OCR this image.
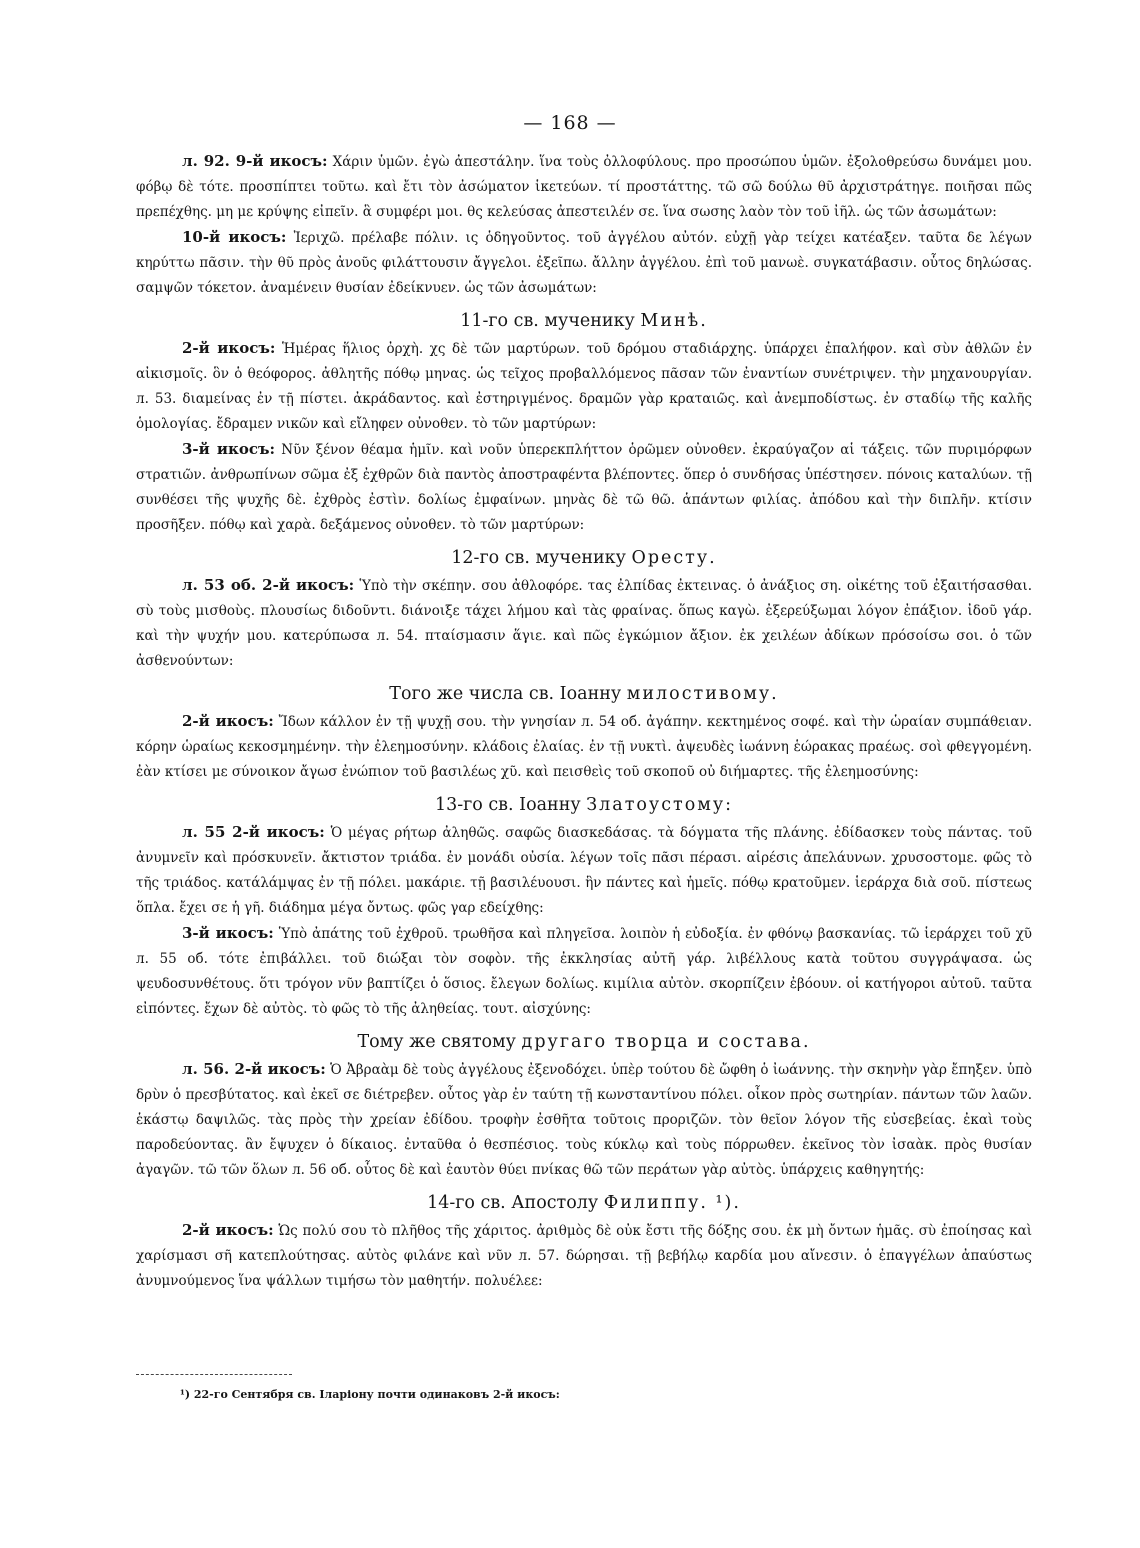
— 168 —

л. 92. 9-й икосъ: Χάριν ὑμῶν. ἐγὼ ἀπεστάλην. ἵνα τοὺς ὀλλοφύλους. προ προσώπου ὑμῶν. ἐξολοθρεύσω δυνάμει μου. φόβῳ δὲ τότε. προσπίπτει τοῦτω. καὶ ἔτι τὸν ἀσώματον ἱκετεύων. τί προστάττης. τῶ σῶ δούλω θῦ ἀρχιστράτηγε. ποιῆσαι πῶς πρεπέχθης. μη με κρύψης εἰπεῖν. ἃ συμφέρι μοι. θς κελεύσας ἀπεστειλέν σε. ἵνα σωσης λαὸν τὸν τοῦ ἰῆλ. ὡς τῶν ἀσωμάτων:

10-й икосъ: Ἰεριχῶ. πρέλαβε πόλιν. ις ὁδηγοῦντος. τοῦ ἀγγέλου αὐτόν. εὐχῇ γὰρ τείχει κατέαξεν. ταῦτα δε λέγων κηρύττω πᾶσιν. τὴν θῦ πρὸς ἀνοῦς φιλάττουσιν ἄγγελοι. ἐξεῖπω. ἄλλην ἀγγέλου. ἐπὶ τοῦ μανωὲ. συγκατάβασιν. οὗτος δηλώσας. σαμψῶν τόκετον. ἀναμένειν θυσίαν ἐδείκνυεν. ὡς τῶν ἀσωμάτων:

11-го св. мученику Минѣ.

2-й икосъ: Ἡμέρας ἥλιος ὀρχὴ. χς δὲ τῶν μαρτύρων. τοῦ δρόμου σταδιάρχης. ὑπάρχει ἐπαλήφον. καὶ σὺν ἀθλῶν ἐν αἰκισμοῖς. ὃν ὁ θεόφορος. ἀθλητῆς πόθῳ μηνας. ὡς τεῖχος προβαλλόμενος πᾶσαν τῶν ἐναντίων συνέτριψεν. τὴν μηχανουργίαν. л. 53. διαμείνας ἐν τῇ πίστει. ἀκράδαντος. καὶ ἐστηριγμένος. δραμῶν γὰρ κραταιῶς. καὶ ἀνεμποδίστως. ἐν σταδίῳ τῆς καλῆς ὁμολογίας. ἔδραμεν νικῶν καὶ εἴληφεν οὐνοθεν. τὸ τῶν μαρτύρων:

3-й икосъ: Νῦν ξένον θέαμα ἡμῖν. καὶ νοῦν ὑπερεκπλήττον ὁρῶμεν οὐνοθεν. ἐκραύγαζον αἱ τάξεις. τῶν πυριμόρφων στρατιῶν. ἀνθρωπίνων σῶμα ἐξ ἐχθρῶν διὰ παντὸς ἀποστραφέντα βλέποντες. ὅπερ ὁ συνδήσας ὑπέστησεν. πόνοις καταλύων. τῇ συνθέσει τῆς ψυχῆς δὲ. ἐχθρὸς ἐστὶν. δολίως ἐμφαίνων. μηνὰς δὲ τῶ θῶ. ἁπάντων φιλίας. ἀπόδου καὶ τὴν διπλῆν. κτίσιν προσῆξεν. πόθῳ καὶ χαρὰ. δεξάμενος οὐνοθεν. τὸ τῶν μαρτύρων:

12-го св. мученику Оресту.

л. 53 об. 2-й икосъ: Ὑπὸ τὴν σκέπην. σου ἀθλοφόρε. τας ἐλπίδας ἐκτεινας. ὁ ἀνάξιος ση. οἰκέτης τοῦ ἐξαιτήσασθαι. σὺ τοὺς μισθοὺς. πλουσίως διδοῦντι. διάνοιξε τάχει λήμου καὶ τὰς φραίνας. ὅπως καγὼ. ἐξερεύξωμαι λόγον ἐπάξιον. ἰδοῦ γάρ. καὶ τὴν ψυχήν μου. κατερύπωσα л. 54. πταίσμασιν ἅγιε. καὶ πῶς ἐγκώμιον ἄξιον. ἐκ χειλέων ἀδίκων πρόσοίσω σοι. ὁ τῶν ἀσθενούντων:

Того же числа св. Іоанну милостивому.

2-й икосъ: Ἴδων κάλλον ἐν τῇ ψυχῇ σου. τὴν γνησίαν л. 54 об. ἀγάπην. κεκτημένος σοφέ. καὶ τὴν ὡραίαν συμπάθειαν. κόρην ὡραίως κεκοσμημένην. τὴν ἐλεημοσύνην. κλάδοις ἐλαίας. ἐν τῇ νυκτὶ. ἀψευδὲς ἰωάννη ἑώρακας πραέως. σοὶ φθεγγομένη. ἐὰν κτίσει με σύνοικον ἄγωσ ἐνώπιον τοῦ βασιλέως χῦ. καὶ πεισθεὶς τοῦ σκοποῦ οὐ διήμαρτες. τῆς ἐλεημοσύνης:

13-го св. Іоанну Златоустому:

л. 55 2-й икосъ: Ὁ μέγας ρήτωρ ἀληθῶς. σαφῶς διασκεδάσας. τὰ δόγματα τῆς πλάνης. ἐδίδασκεν τοὺς πάντας. τοῦ ἀνυμνεῖν καὶ πρόσκυνεῖν. ἄκτιστον τριάδα. ἐν μονάδι οὐσία. λέγων τοῖς πᾶσι πέρασι. αἱρέσις ἀπελάυνων. χρυσοστομε. φῶς τὸ τῆς τριάδος. κατάλάμψας ἐν τῇ πόλει. μακάριε. τῇ βασιλέυουσι. ἣν πάντες καὶ ἡμεῖς. πόθῳ κρατοῦμεν. ἱεράρχα διὰ σοῦ. πίστεως ὅπλα. ἔχει σε ἡ γῆ. διάδημα μέγα ὄντως. φῶς γαρ εδείχθης:

3-й икосъ: Ὑπὸ ἀπάτης τοῦ ἐχθροῦ. τρωθῆσα καὶ πληγεῖσα. λοιπὸν ἡ εὐδοξία. ἐν φθόνῳ βασκανίας. τῶ ἱεράρχει τοῦ χῦ л. 55 об. τότε ἐπιβάλλει. τοῦ διώξαι τὸν σοφὸν. τῆς ἐκκλησίας αὐτῆ γάρ. λιβέλλους κατὰ τοῦτου συγγράψασα. ὡς ψευδοσυνθέτους. ὅτι τρόγον νῦν βαπτίζει ὁ ὅσιος. ἔλεγων δολίως. κιμίλια αὐτὸν. σκορπίζειν ἐβόουν. οἱ κατήγοροι αὐτοῦ. ταῦτα εἰπόντες. ἔχων δὲ αὐτὸς. τὸ φῶς τὸ τῆς ἀληθείας. τουτ. αἰσχύνης:

Тому же святому другаго творца и состава.

л. 56. 2-й икосъ: Ὁ Ἀβραὰμ δὲ τοὺς ἀγγέλους ἐξενοδόχει. ὑπὲρ τούτου δὲ ὤφθη ὁ ἰωάννης. τὴν σκηνὴν γὰρ ἔπηξεν. ὑπὸ δρὺν ὁ πρεσβύτατος. καὶ ἐκεῖ σε διέτρεβεν. οὗτος γὰρ ἐν ταύτη τῇ κωνσταντίνου πόλει. οἶκον πρὸς σωτηρίαν. πάντων τῶν λαῶν. ἑκάστῳ δαψιλῶς. τὰς πρὸς τὴν χρείαν ἐδίδου. τροφὴν ἐσθῆτα τοῦτοις προριζῶν. τὸν θεῖον λόγον τῆς εὐσεβείας. ἐκαὶ τοὺς παροδεύοντας. ἂν ἔψυχεν ὁ δίκαιος. ἐνταῦθα ὁ θεσπέσιος. τοὺς κύκλῳ καὶ τοὺς πόρρωθεν. ἐκεῖνος τὸν ἰσαὰκ. πρὸς θυσίαν ἀγαγῶν. τῶ τῶν ὅλων л. 56 об. οὗτος δὲ καὶ ἑαυτὸν θύει πνίκας θῶ τῶν περάτων γὰρ αὐτὸς. ὑπάρχεις καθηγητής:

14-го св. Апостолу Филиппу. ¹).

2-й икосъ: Ὡς πολύ σου τὸ πλῆθος τῆς χάριτος. ἀριθμὸς δὲ οὐκ ἔστι τῆς δόξης σου. ἐκ μὴ ὄντων ἡμᾶς. σὺ ἐποίησας καὶ χαρίσμασι σῆ κατεπλούτησας. αὐτὸς φιλάνε καὶ νῦν л. 57. δώρησαι. τῇ βεβήλῳ καρδία μου αἴνεσιν. ὁ ἐπαγγέλων ἀπαύστως ἀνυμνούμενος ἵνα ψάλλων τιμήσω τὸν μαθητήν. πολυέλεε:

¹) 22-го Сентября св. Іларіону почти одинаковъ 2-й икосъ:
